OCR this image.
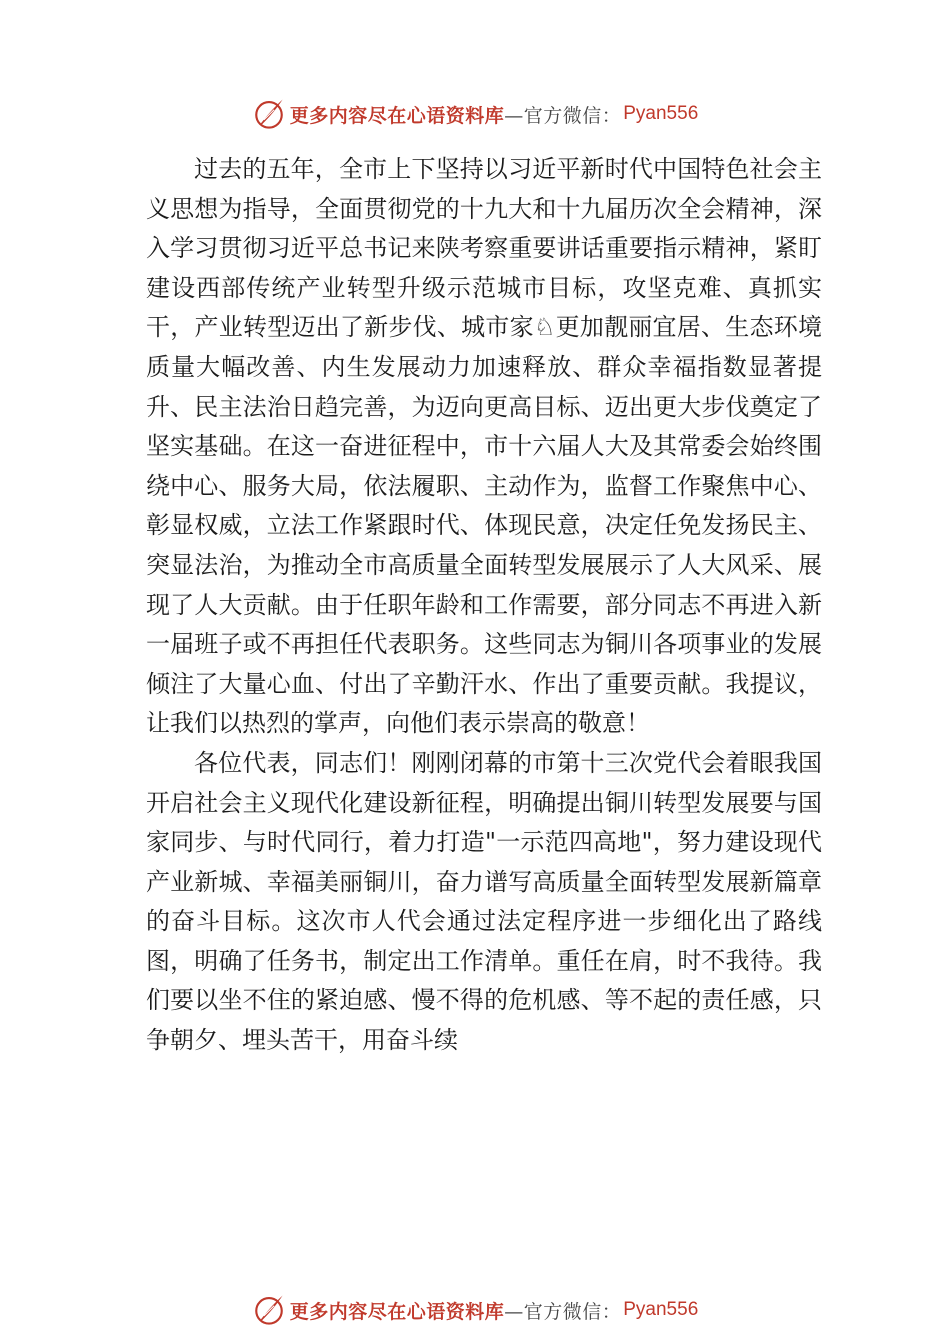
更多内容尽在心语资料库 —官方微信： Pyan556

过去的五年，全市上下坚持以习近平新时代中国特色社会主义思想为指导，全面贯彻党的十九大和十九届历次全会精神，深入学习贯彻习近平总书记来陕考察重要讲话重要指示精神，紧盯建设西部传统产业转型升级示范城市目标，攻坚克难、真抓实干，产业转型迈出了新步伐、城市家♘更加靓丽宜居、生态环境质量大幅改善、内生发展动力加速释放、群众幸福指数显著提升、民主法治日趋完善，为迈向更高目标、迈出更大步伐奠定了坚实基础。在这一奋进征程中，市十六届人大及其常委会始终围绕中心、服务大局，依法履职、主动作为，监督工作聚焦中心、彰显权威，立法工作紧跟时代、体现民意，决定任免发扬民主、突显法治，为推动全市高质量全面转型发展展示了人大风采、展现了人大贡献。由于任职年龄和工作需要，部分同志不再进入新一届班子或不再担任代表职务。这些同志为铜川各项事业的发展倾注了大量心血、付出了辛勤汗水、作出了重要贡献。我提议，让我们以热烈的掌声，向他们表示崇高的敬意！

各位代表，同志们！刚刚闭幕的市第十三次党代会着眼我国开启社会主义现代化建设新征程，明确提出铜川转型发展要与国家同步、与时代同行，着力打造"一示范四高地"，努力建设现代产业新城、幸福美丽铜川，奋力谱写高质量全面转型发展新篇章的奋斗目标。这次市人代会通过法定程序进一步细化出了路线图，明确了任务书，制定出工作清单。重任在肩，时不我待。我们要以坐不住的紧迫感、慢不得的危机感、等不起的责任感，只争朝夕、埋头苦干，用奋斗续

更多内容尽在心语资料库 —官方微信： Pyan556
